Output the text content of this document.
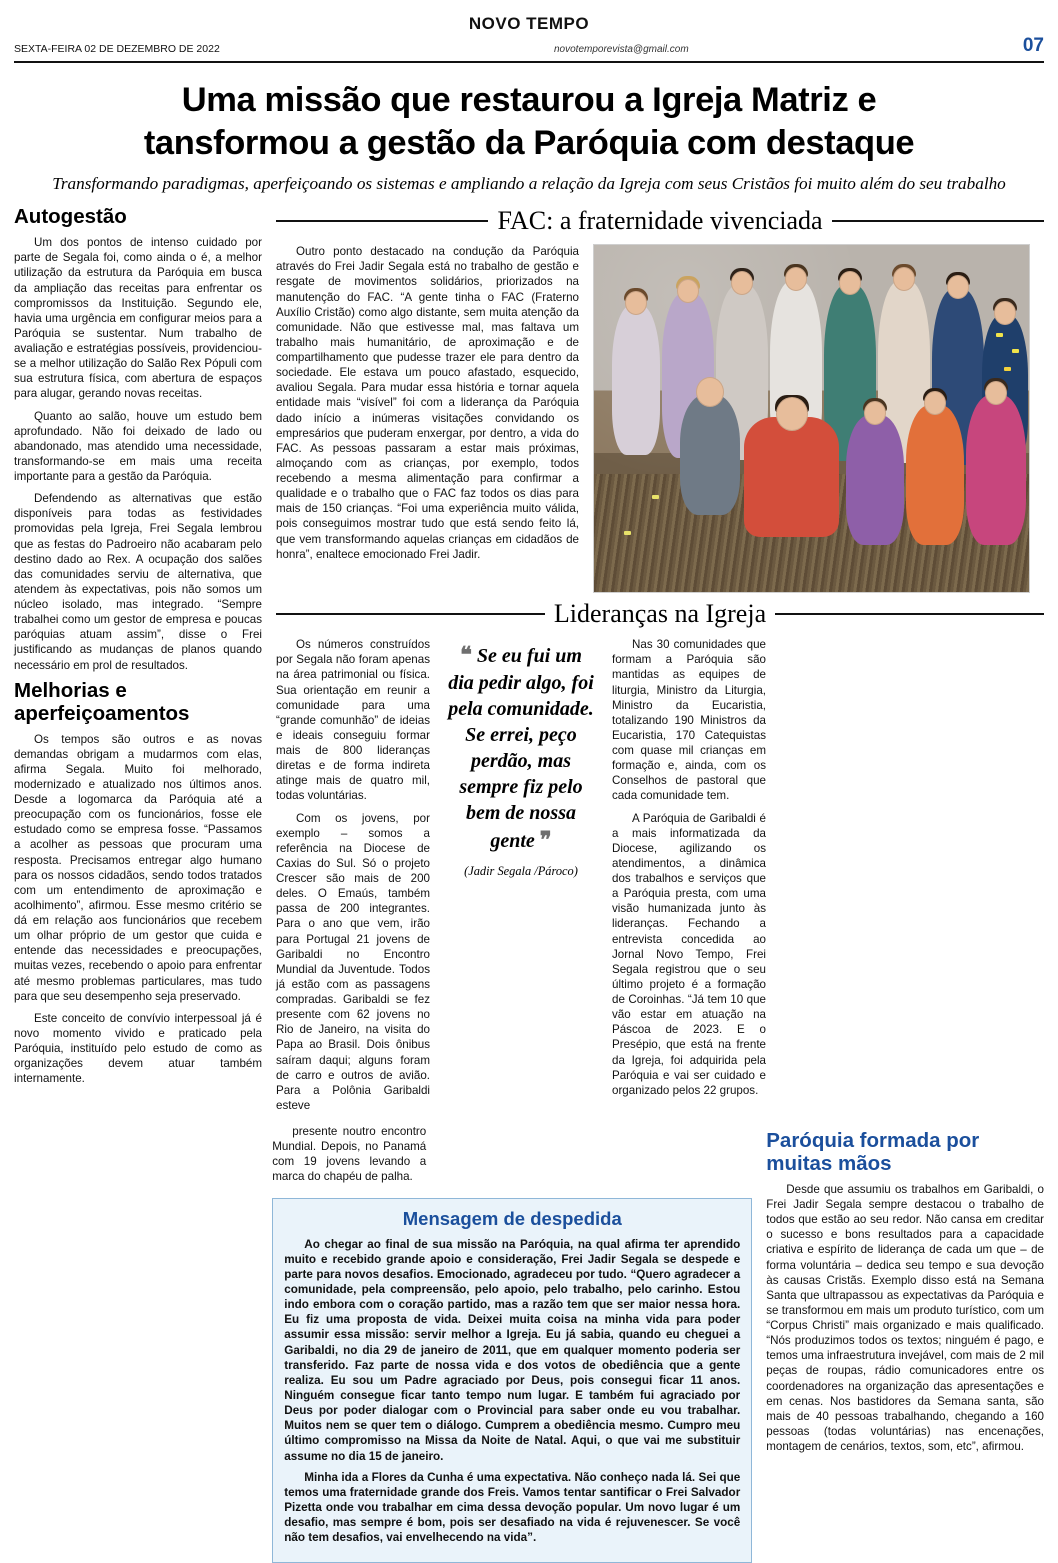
NOVO TEMPO
SEXTA-FEIRA 02 DE DEZEMBRO DE 2022	novotemporevista@gmail.com	07
Uma missão que restaurou a Igreja Matriz e
tansformou a gestão da Paróquia com destaque
Transformando paradigmas, aperfeiçoando os sistemas e ampliando a relação da Igreja com seus Cristãos foi muito além do seu trabalho
Autogestão

Um dos pontos de intenso cuidado por parte de Segala foi, como ainda o é, a melhor utilização da estrutura da Paróquia em busca da ampliação das receitas para enfrentar os compromissos da Instituição. Segundo ele, havia uma urgência em configurar meios para a Paróquia se sustentar. Num trabalho de avaliação e estratégias possíveis, providenciou-se a melhor utilização do Salão Rex Pópuli com sua estrutura física, com abertura de espaços para alugar, gerando novas receitas.

Quanto ao salão, houve um estudo bem aprofundado. Não foi deixado de lado ou abandonado, mas atendido uma necessidade, transformando-se em mais uma receita importante para a gestão da Paróquia.

Defendendo as alternativas que estão disponíveis para todas as festividades promovidas pela Igreja, Frei Segala lembrou que as festas do Padroeiro não acabaram pelo destino dado ao Rex. A ocupação dos salões das comunidades serviu de alternativa, que atendem às expectativas, pois não somos um núcleo isolado, mas integrado. “Sempre trabalhei como um gestor de empresa e poucas paróquias atuam assim”, disse o Frei justificando as mudanças de planos quando necessário em prol de resultados.

Melhorias e aperfeiçoamentos

Os tempos são outros e as novas demandas obrigam a mudarmos com elas, afirma Segala. Muito foi melhorado, modernizado e atualizado nos últimos anos. Desde a logomarca da Paróquia até a preocupação com os funcionários, fosse ele estudado como se empresa fosse. “Passamos a acolher as pessoas que procuram uma resposta. Precisamos entregar algo humano para os nossos cidadãos, sendo todos tratados com um entendimento de aproximação e acolhimento”, afirmou. Esse mesmo critério se dá em relação aos funcionários que recebem um olhar próprio de um gestor que cuida e entende das necessidades e preocupações, muitas vezes, recebendo o apoio para enfrentar até mesmo problemas particulares, mas tudo para que seu desempenho seja preservado.

Este conceito de convívio interpessoal já é novo momento vivido e praticado pela Paróquia, instituído pelo estudo de como as organizações devem atuar também internamente.

FAC: a fraternidade vivenciada

Outro ponto destacado na condução da Paróquia através do Frei Jadir Segala está no trabalho de gestão e resgate de movimentos solidários, priorizados na manutenção do FAC. “A gente tinha o FAC (Fraterno Auxílio Cristão) como algo distante, sem muita atenção da comunidade. Não que estivesse mal, mas faltava um trabalho mais humanitário, de aproximação e de compartilhamento que pudesse trazer ele para dentro da sociedade. Ele estava um pouco afastado, esquecido, avaliou Segala. Para mudar essa história e tornar aquela entidade mais “visível” foi com a liderança da Paróquia dado início a inúmeras visitações convidando os empresários que puderam enxergar, por dentro, a vida do FAC. As pessoas passaram a estar mais próximas, almoçando com as crianças, por exemplo, todos recebendo a mesma alimentação para confirmar a qualidade e o trabalho que o FAC faz todos os dias para mais de 150 crianças. “Foi uma experiência muito válida, pois conseguimos mostrar tudo que está sendo feito lá, que vem transformando aquelas crianças em cidadãos de honra”, enaltece emocionado Frei Jadir.

Lideranças na Igreja

Os números construídos por Segala não foram apenas na área patrimonial ou física. Sua orientação em reunir a comunidade para uma “grande comunhão” de ideias e ideais conseguiu formar mais de 800 lideranças diretas e de forma indireta atinge mais de quatro mil, todas voluntárias.

Com os jovens, por exemplo – somos a referência na Diocese de Caxias do Sul. Só o projeto Crescer são mais de 200 deles. O Emaús, também passa de 200 integrantes. Para o ano que vem, irão para Portugal 21 jovens de Garibaldi no Encontro Mundial da Juventude. Todos já estão com as passagens compradas. Garibaldi se fez presente com 62 jovens no Rio de Janeiro, na visita do Papa ao Brasil. Dois ônibus saíram daqui; alguns foram de carro e outros de avião. Para a Polônia Garibaldi esteve

❝ Se eu fui um dia pedir algo, foi pela comunidade. Se errei, peço perdão, mas sempre fiz pelo bem de nossa gente ❞
(Jadir Segala /Pároco)

Nas 30 comunidades que formam a Paróquia são mantidas as equipes de liturgia, Ministro da Liturgia, Ministro da Eucaristia, totalizando 190 Ministros da Eucaristia, 170 Catequistas com quase mil crianças em formação e, ainda, com os Conselhos de pastoral que cada comunidade tem.

A Paróquia de Garibaldi é a mais informatizada da Diocese, agilizando os atendimentos, a dinâmica dos trabalhos e serviços que a Paróquia presta, com uma visão humanizada junto às lideranças. Fechando a entrevista concedida ao Jornal Novo Tempo, Frei Segala registrou que o seu último projeto é a formação de Coroinhas. “Já tem 10 que vão estar em atuação na Páscoa de 2023. E o Presépio, que está na frente da Igreja, foi adquirida pela Paróquia e vai ser cuidado e organizado pelos 22 grupos.

presente noutro encontro Mundial. Depois, no Panamá com 19 jovens levando a marca do chapéu de palha.

Mensagem de despedida

Ao chegar ao final de sua missão na Paróquia, na qual afirma ter aprendido muito e recebido grande apoio e consideração, Frei Jadir Segala se despede e parte para novos desafios. Emocionado, agradeceu por tudo. “Quero agradecer a comunidade, pela compreensão, pelo apoio, pelo trabalho, pelo carinho. Estou indo embora com o coração partido, mas a razão tem que ser maior nessa hora. Eu fiz uma proposta de vida. Deixei muita coisa na minha vida para poder assumir essa missão: servir melhor a Igreja. Eu já sabia, quando eu cheguei a Garibaldi, no dia 29 de janeiro de 2011, que em qualquer momento poderia ser transferido. Faz parte de nossa vida e dos votos de obediência que a gente realiza. Eu sou um Padre agraciado por Deus, pois consegui ficar 11 anos. Ninguém consegue ficar tanto tempo num lugar. E também fui agraciado por Deus por poder dialogar com o Provincial para saber onde eu vou trabalhar. Muitos nem se quer tem o diálogo. Cumprem a obediência mesmo. Cumpro meu último compromisso na Missa da Noite de Natal. Aqui, o que vai me substituir assume no dia 15 de janeiro.

Minha ida a Flores da Cunha é uma expectativa. Não conheço nada lá. Sei que temos uma fraternidade grande dos Freis. Vamos tentar santificar o Frei Salvador Pizetta onde vou trabalhar em cima dessa devoção popular. Um novo lugar é um desafio, mas sempre é bom, pois ser desafiado na vida é rejuvenescer. Se você não tem desafios, vai envelhecendo na vida”.

Paróquia formada por muitas mãos

Desde que assumiu os trabalhos em Garibaldi, o Frei Jadir Segala sempre destacou o trabalho de todos que estão ao seu redor. Não cansa em creditar o sucesso e bons resultados para a capacidade criativa e espírito de liderança de cada um que – de forma voluntária – dedica seu tempo e sua devoção às causas Cristãs. Exemplo disso está na Semana Santa que ultrapassou as expectativas da Paróquia e se transformou em mais um produto turístico, com um “Corpus Christi” mais organizado e mais qualificado. “Nós produzimos todos os textos; ninguém é pago, e temos uma infraestrutura invejável, com mais de 2 mil peças de roupas, rádio comunicadores entre os coordenadores na organização das apresentações e em cenas. Nos bastidores da Semana santa, são mais de 40 pessoas trabalhando, chegando a 160 pessoas (todas voluntárias) nas encenações, montagem de cenários, textos, som, etc”, afirmou.
